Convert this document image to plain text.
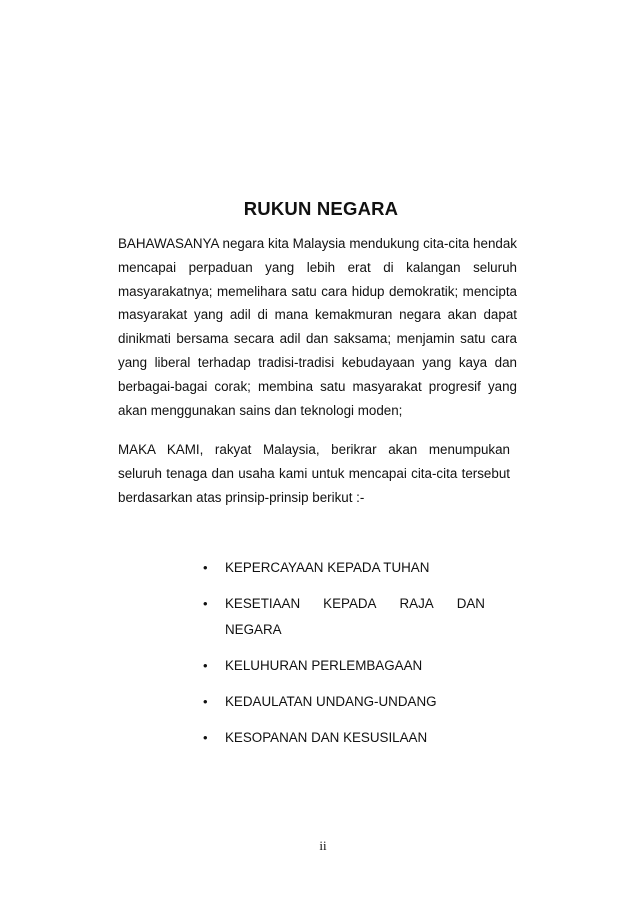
RUKUN NEGARA
BAHAWASANYA negara kita Malaysia mendukung cita-cita hendak mencapai perpaduan yang lebih erat di kalangan seluruh masyarakatnya; memelihara satu cara hidup demokratik; mencipta masyarakat yang adil di mana kemakmuran negara akan dapat dinikmati bersama secara adil dan saksama; menjamin satu cara yang liberal terhadap tradisi-tradisi kebudayaan yang kaya dan berbagai-bagai corak; membina satu masyarakat progresif yang akan menggunakan sains dan teknologi moden;
MAKA KAMI, rakyat Malaysia, berikrar akan menumpukan seluruh tenaga dan usaha kami untuk mencapai cita-cita tersebut berdasarkan atas prinsip-prinsip berikut :-
• KEPERCAYAAN KEPADA TUHAN
• KESETIAAN KEPADA RAJA DAN
NEGARA
• KELUHURAN PERLEMBAGAAN
• KEDAULATAN UNDANG-UNDANG
• KESOPANAN DAN KESUSILAAN
ii
